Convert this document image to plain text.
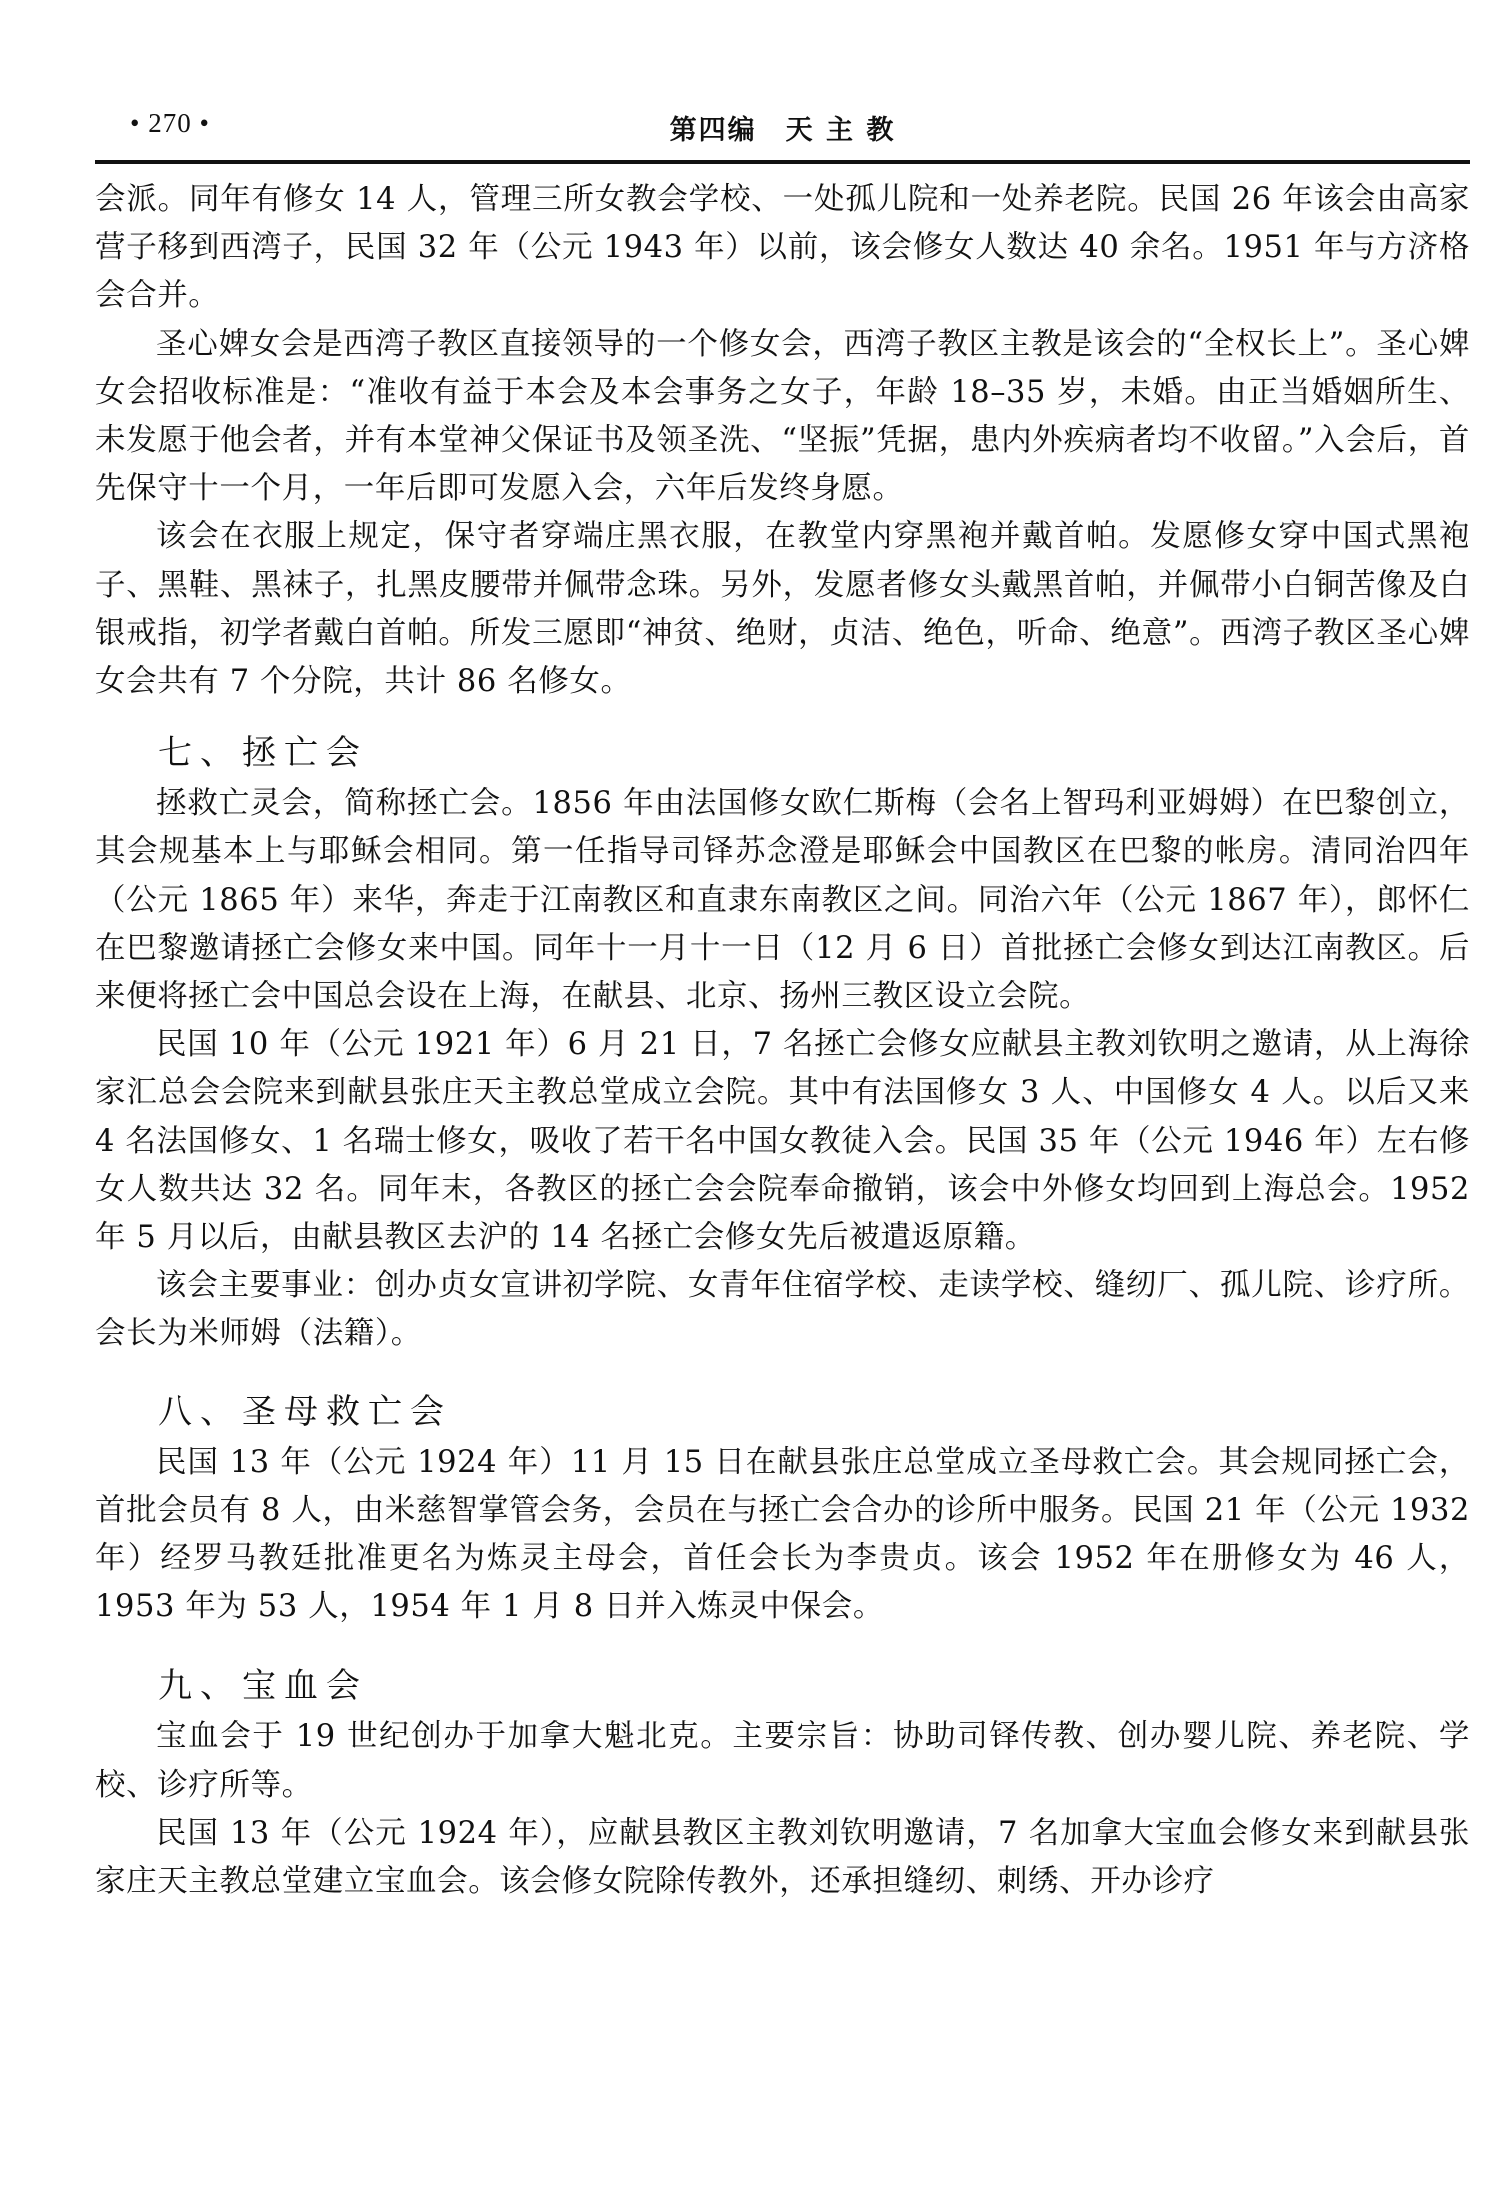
• 270 •	第四编　天 主 教

会派。同年有修女 14 人，管理三所女教会学校、一处孤儿院和一处养老院。民国 26 年该会由高家营子移到西湾子，民国 32 年（公元 1943 年）以前，该会修女人数达 40 余名。1951 年与方济格会合并。

圣心婢女会是西湾子教区直接领导的一个修女会，西湾子教区主教是该会的“全权长上”。圣心婢女会招收标准是：“准收有益于本会及本会事务之女子，年龄 18–35 岁，未婚。由正当婚姻所生、未发愿于他会者，并有本堂神父保证书及领圣洗、“坚振”凭据，患内外疾病者均不收留。”入会后，首先保守十一个月，一年后即可发愿入会，六年后发终身愿。

该会在衣服上规定，保守者穿端庄黑衣服，在教堂内穿黑袍并戴首帕。发愿修女穿中国式黑袍子、黑鞋、黑袜子，扎黑皮腰带并佩带念珠。另外，发愿者修女头戴黑首帕，并佩带小白铜苦像及白银戒指，初学者戴白首帕。所发三愿即“神贫、绝财，贞洁、绝色，听命、绝意”。西湾子教区圣心婢女会共有 7 个分院，共计 86 名修女。

七、拯亡会

拯救亡灵会，简称拯亡会。1856 年由法国修女欧仁斯梅（会名上智玛利亚姆姆）在巴黎创立，其会规基本上与耶稣会相同。第一任指导司铎苏念澄是耶稣会中国教区在巴黎的帐房。清同治四年（公元 1865 年）来华，奔走于江南教区和直隶东南教区之间。同治六年（公元 1867 年），郎怀仁在巴黎邀请拯亡会修女来中国。同年十一月十一日（12 月 6 日）首批拯亡会修女到达江南教区。后来便将拯亡会中国总会设在上海，在献县、北京、扬州三教区设立会院。

民国 10 年（公元 1921 年）6 月 21 日，7 名拯亡会修女应献县主教刘钦明之邀请，从上海徐家汇总会会院来到献县张庄天主教总堂成立会院。其中有法国修女 3 人、中国修女 4 人。以后又来 4 名法国修女、1 名瑞士修女，吸收了若干名中国女教徒入会。民国 35 年（公元 1946 年）左右修女人数共达 32 名。同年末，各教区的拯亡会会院奉命撤销，该会中外修女均回到上海总会。1952 年 5 月以后，由献县教区去沪的 14 名拯亡会修女先后被遣返原籍。

该会主要事业：创办贞女宣讲初学院、女青年住宿学校、走读学校、缝纫厂、孤儿院、诊疗所。会长为米师姆（法籍）。

八、圣母救亡会

民国 13 年（公元 1924 年）11 月 15 日在献县张庄总堂成立圣母救亡会。其会规同拯亡会，首批会员有 8 人，由米慈智掌管会务，会员在与拯亡会合办的诊所中服务。民国 21 年（公元 1932 年）经罗马教廷批准更名为炼灵主母会，首任会长为李贵贞。该会 1952 年在册修女为 46 人，1953 年为 53 人，1954 年 1 月 8 日并入炼灵中保会。

九、宝血会

宝血会于 19 世纪创办于加拿大魁北克。主要宗旨：协助司铎传教、创办婴儿院、养老院、学校、诊疗所等。

民国 13 年（公元 1924 年），应献县教区主教刘钦明邀请，7 名加拿大宝血会修女来到献县张家庄天主教总堂建立宝血会。该会修女院除传教外，还承担缝纫、刺绣、开办诊疗
